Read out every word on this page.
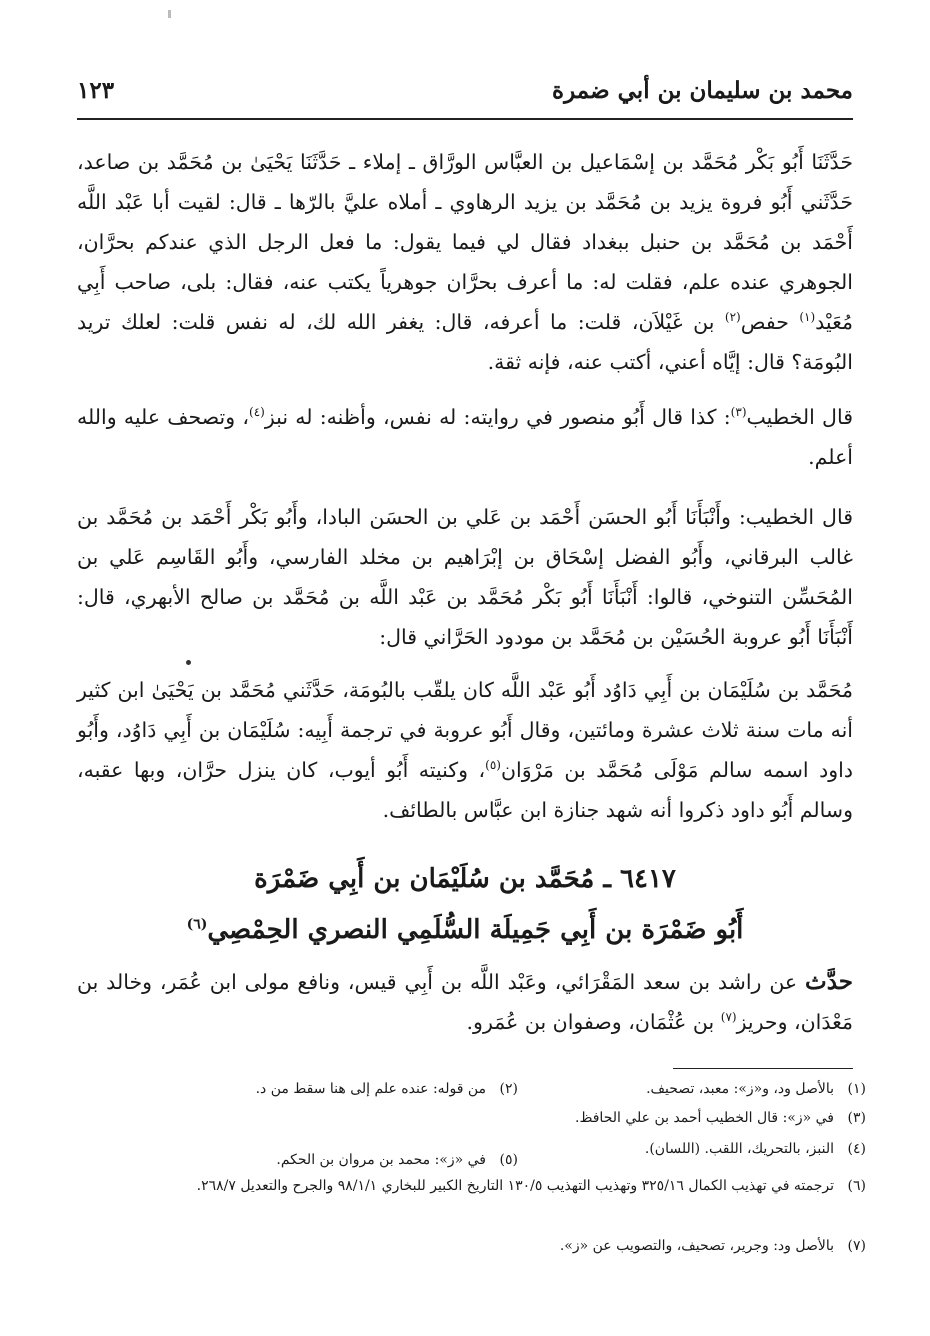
محمد بن سليمان بن أبي ضمرة
١٢٣
حَدَّثَنَا أَبُو بَكْر مُحَمَّد بن إسْمَاعيل بن العبَّاس الورَّاق ـ إملاء ـ حَدَّثَنَا يَحْيَىٰ بن مُحَمَّد بن صاعد، حَدَّثَني أَبُو فروة يزيد بن مُحَمَّد بن يزيد الرهاوي ـ أملاه عليَّ بالرّها ـ قال: لقيت أبا عَبْد اللَّه أَحْمَد بن مُحَمَّد بن حنبل ببغداد فقال لي فيما يقول: ما فعل الرجل الذي عندكم بحرَّان، الجوهري عنده علم، فقلت له: ما أعرف بحرَّان جوهرياً يكتب عنه، فقال: بلى، صاحب أَبِي مُعَيْد$^{(١)}$ حفص$^{(٢)}$ بن غَيْلاَن، قلت: ما أعرفه، قال: يغفر الله لك، له نفس قلت: لعلك تريد البُومَة؟ قال: إيَّاه أعني، أكتب عنه، فإنه ثقة.
قال الخطيب$^{(٣)}$: كذا قال أَبُو منصور في روايته: له نفس، وأظنه: له نبز$^{(٤)}$، وتصحف عليه والله أعلم.
قال الخطيب: وأَنْبَأَنَا أَبُو الحسَن أَحْمَد بن عَلي بن الحسَن البادا، وأَبُو بَكْر أَحْمَد بن مُحَمَّد بن غالب البرقاني، وأَبُو الفضل إسْحَاق بن إبْرَاهيم بن مخلد الفارسي، وأَبُو القَاسِم عَلي بن المُحَسِّن التنوخي، قالوا: أَنْبَأَنَا أَبُو بَكْر مُحَمَّد بن عَبْد اللَّه بن مُحَمَّد بن صالح الأبهري، قال: أَنْبَأَنَا أَبُو عروبة الحُسَيْن بن مُحَمَّد بن مودود الحَرَّاني قال:
مُحَمَّد بن سُلَيْمَان بن أَبِي دَاوُد أَبُو عَبْد اللَّه كان يلقّب بالبُومَة، حَدَّثَني مُحَمَّد بن يَحْيَىٰ ابن كثير أنه مات سنة ثلاث عشرة ومائتين، وقال أَبُو عروبة في ترجمة أَبِيه: سُلَيْمَان بن أَبِي دَاوُد، وأَبُو داود اسمه سالم مَوْلَى مُحَمَّد بن مَرْوَان$^{(٥)}$، وكنيته أَبُو أيوب، كان ينزل حرَّان، وبها عقبه، وسالم أَبُو داود ذكروا أنه شهد جنازة ابن عبَّاس بالطائف.
٦٤١٧ ـ مُحَمَّد بن سُلَيْمَان بن أَبِي ضَمْرَة
أَبُو ضَمْرَة بن أَبِي جَمِيلَة السُّلَمِي النصري الحِمْصِي$^{(٦)}$
حدَّث عن راشد بن سعد المَقْرَائي، وعَبْد اللَّه بن أَبِي قيس، ونافع مولى ابن عُمَر، وخالد بن مَعْدَان، وحريز$^{(٧)}$ بن عُثْمَان، وصفوان بن عُمَرو.
(١)بالأصل ود، و«ز»: معبد، تصحيف.
(٢)من قوله: عنده علم إلى هنا سقط من د.
(٣)في «ز»: قال الخطيب أحمد بن علي الحافظ.
(٤)النبز، بالتحريك، اللقب. (اللسان).
(٥)في «ز»: محمد بن مروان بن الحكم.
(٦)ترجمته في تهذيب الكمال ٣٢٥/١٦ وتهذيب التهذيب ١٣٠/٥ التاريخ الكبير للبخاري ٩٨/١/١ والجرح والتعديل ٢٦٨/٧.
(٧)بالأصل ود: وجرير، تصحيف، والتصويب عن «ز».
